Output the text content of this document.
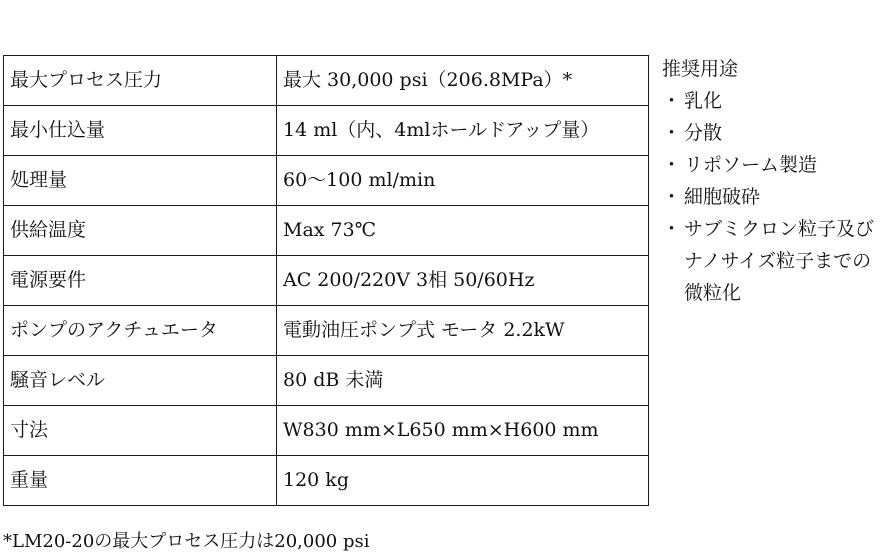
最大プロセス圧力	最大 30,000 psi（206.8MPa）*
最小仕込量	14 ml（内、4mlホールドアップ量）
処理量	60～100 ml/min
供給温度	Max 73℃
電源要件	AC 200/220V 3相 50/60Hz
ポンプのアクチュエータ	電動油圧ポンプ式 モータ 2.2kW
騒音レベル	80 dB 未満
寸法	W830 mm×L650 mm×H600 mm
重量	120 kg
*LM20-20の最大プロセス圧力は20,000 psi
推奨用途
・ 乳化
・ 分散
・ リポソーム製造
・ 細胞破砕
・ サブミクロン粒子及びナノサイズ粒子までの微粒化
